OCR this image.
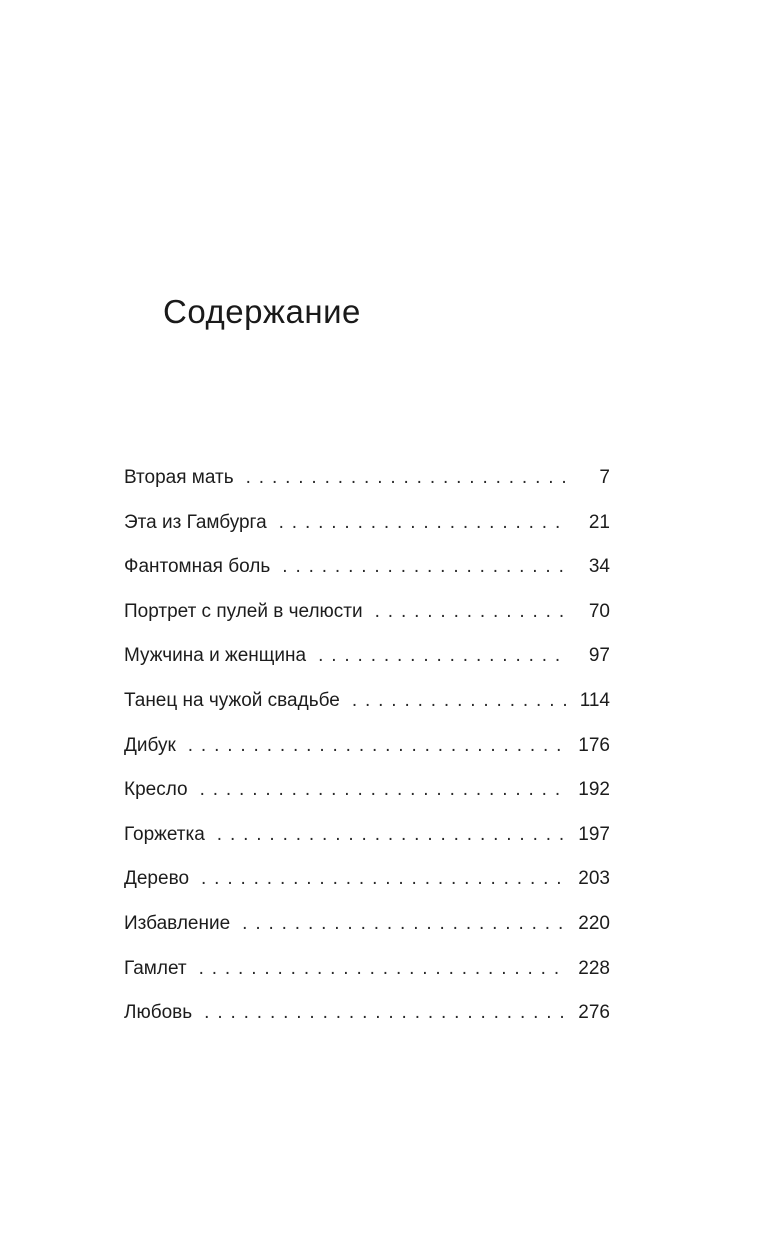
Содержание
Вторая мать . . .	7
Эта из Гамбурга . . .	21
Фантомная боль . . .	34
Портрет с пулей в челюсти . . .	70
Мужчина и женщина . . .	97
Танец на чужой свадьбе . . .	114
Дибук . . .	176
Кресло . . .	192
Горжетка . . .	197
Дерево . . .	203
Избавление . . .	220
Гамлет . . .	228
Любовь . . .	276
